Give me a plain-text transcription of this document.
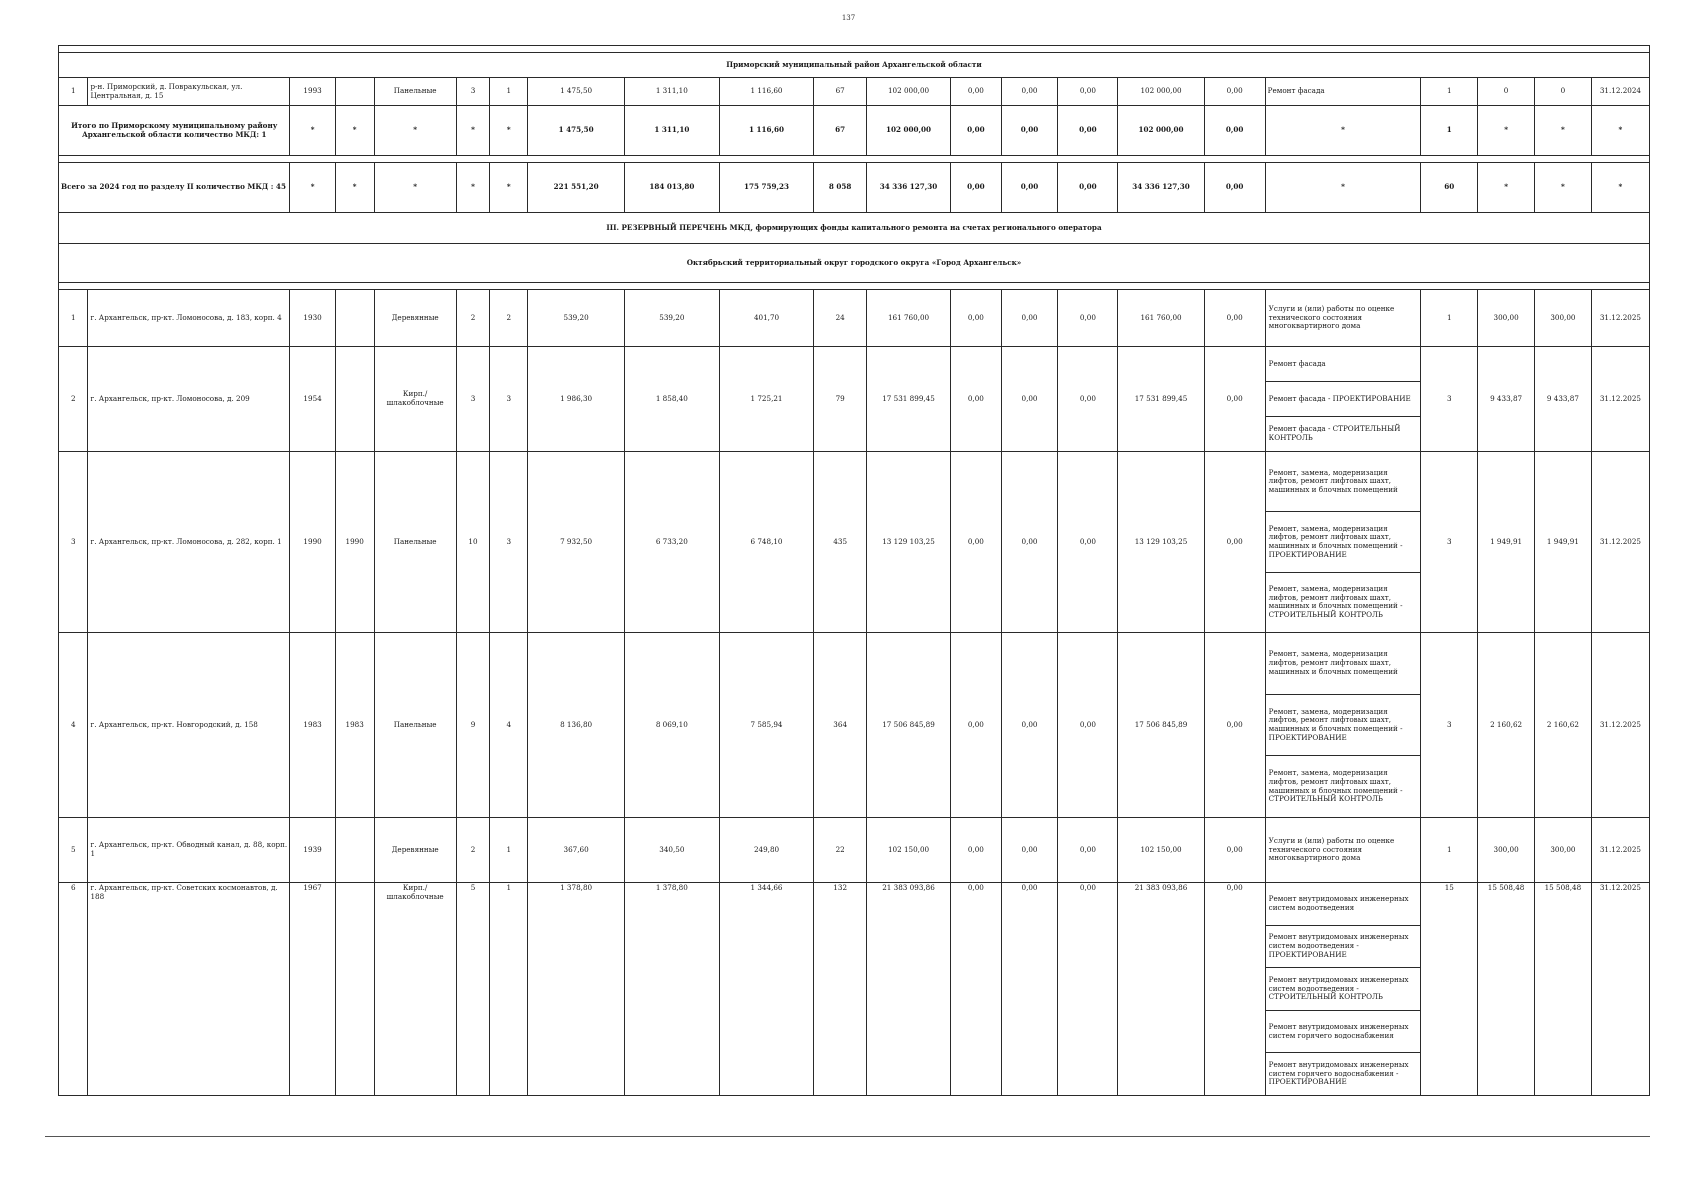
137

Приморский муниципальный район Архангельской области																					
1	р-н. Приморский, д. Повракульская, ул. Центральная, д. 15	1993		Панельные	3	1	1 475,50	1 311,10	1 116,60	67	102 000,00	0,00	0,00	0,00	102 000,00	0,00	Ремонт фасада	1	0	0	31.12.2024
Итого по Приморскому муниципальному району Архангельской области количество МКД: 1		*	*	*	*	*	1 475,50	1 311,10	1 116,60	67	102 000,00	0,00	0,00	0,00	102 000,00	0,00	*	1	*	*	*

Всего за 2024 год по разделу II количество МКД : 45		*	*	*	*	*	221 551,20	184 013,80	175 759,23	8 058	34 336 127,30	0,00	0,00	0,00	34 336 127,30	0,00	*	60	*	*	*
III. РЕЗЕРВНЫЙ ПЕРЕЧЕНЬ МКД, формирующих фонды капитального ремонта на счетах регионального оператора																					
Октябрьский территориальный округ городского округа «Город Архангельск»																					

1	г. Архангельск, пр-кт. Ломоносова, д. 183, корп. 4	1930		Деревянные	2	2	539,20	539,20	401,70	24	161 760,00	0,00	0,00	0,00	161 760,00	0,00	Услуги и (или) работы по оценке технического состояния многоквартирного дома	1	300,00	300,00	31.12.2025
2	г. Архангельск, пр-кт. Ломоносова, д. 209	1954		Кирп./шлакоблочные	3	3	1 986,30	1 858,40	1 725,21	79	17 531 899,45	0,00	0,00	0,00	17 531 899,45	0,00	Ремонт фасада
Ремонт фасада - ПРОЕКТИРОВАНИЕ
Ремонт фасада - СТРОИТЕЛЬНЫЙ КОНТРОЛЬ	3	9 433,87	9 433,87	31.12.2025
3	г. Архангельск, пр-кт. Ломоносова, д. 282, корп. 1	1990	1990	Панельные	10	3	7 932,50	6 733,20	6 748,10	435	13 129 103,25	0,00	0,00	0,00	13 129 103,25	0,00	Ремонт, замена, модернизация лифтов, ремонт лифтовых шахт, машинных и блочных помещений
Ремонт, замена, модернизация лифтов, ремонт лифтовых шахт, машинных и блочных помещений - ПРОЕКТИРОВАНИЕ
Ремонт, замена, модернизация лифтов, ремонт лифтовых шахт, машинных и блочных помещений - СТРОИТЕЛЬНЫЙ КОНТРОЛЬ	3	1 949,91	1 949,91	31.12.2025
4	г. Архангельск, пр-кт. Новгородский, д. 158	1983	1983	Панельные	9	4	8 136,80	8 069,10	7 585,94	364	17 506 845,89	0,00	0,00	0,00	17 506 845,89	0,00	Ремонт, замена, модернизация лифтов, ремонт лифтовых шахт, машинных и блочных помещений
Ремонт, замена, модернизация лифтов, ремонт лифтовых шахт, машинных и блочных помещений - ПРОЕКТИРОВАНИЕ
Ремонт, замена, модернизация лифтов, ремонт лифтовых шахт, машинных и блочных помещений - СТРОИТЕЛЬНЫЙ КОНТРОЛЬ	3	2 160,62	2 160,62	31.12.2025
5	г. Архангельск, пр-кт. Обводный канал, д. 88, корп. 1	1939		Деревянные	2	1	367,60	340,50	249,80	22	102 150,00	0,00	0,00	0,00	102 150,00	0,00	Услуги и (или) работы по оценке технического состояния многоквартирного дома	1	300,00	300,00	31.12.2025
6	г. Архангельск, пр-кт. Советских космонавтов, д. 188	1967		Кирп./шлакоблочные	5	1	1 378,80	1 378,80	1 344,66	132	21 383 093,86	0,00	0,00	0,00	21 383 093,86	0,00	Ремонт внутридомовых инженерных систем водоотведения
Ремонт внутридомовых инженерных систем водоотведения - ПРОЕКТИРОВАНИЕ
Ремонт внутридомовых инженерных систем водоотведения - СТРОИТЕЛЬНЫЙ КОНТРОЛЬ
Ремонт внутридомовых инженерных систем горячего водоснабжения
Ремонт внутридомовых инженерных систем горячего водоснабжения - ПРОЕКТИРОВАНИЕ	15	15 508,48	15 508,48	31.12.2025
